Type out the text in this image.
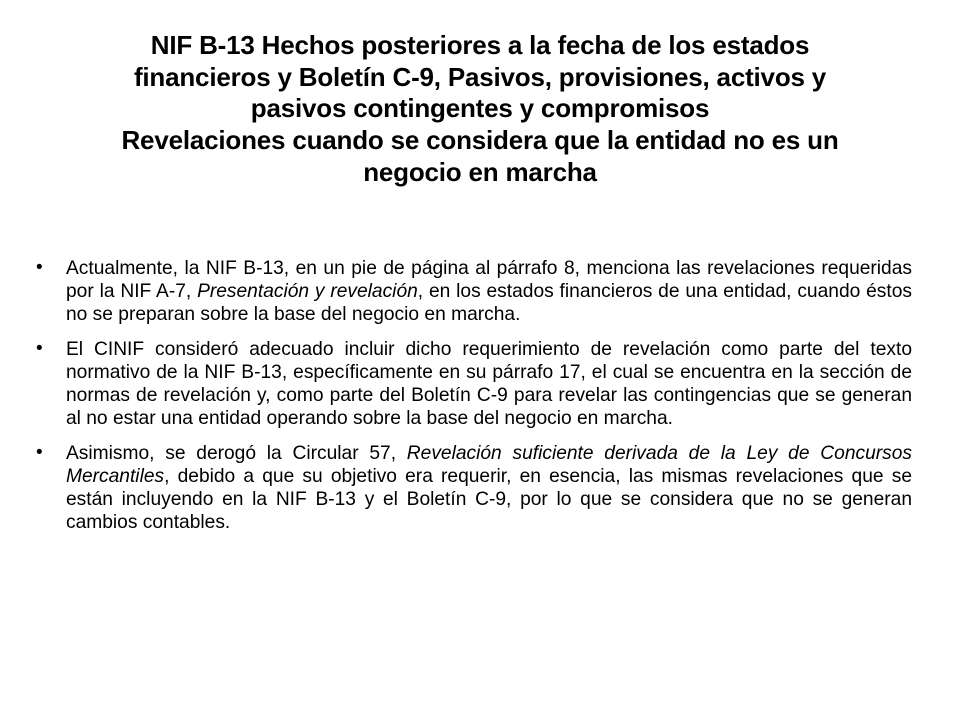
NIF B-13 Hechos posteriores a la fecha de los estados
financieros y Boletín C-9, Pasivos, provisiones, activos y
pasivos contingentes y compromisos
Revelaciones cuando se considera que la entidad no es un
negocio en marcha
• Actualmente, la NIF B-13, en un pie de página al párrafo 8, menciona las revelaciones requeridas por la NIF A-7, Presentación y revelación, en los estados financieros de una entidad, cuando éstos no se preparan sobre la base del negocio en marcha.
• El CINIF consideró adecuado incluir dicho requerimiento de revelación como parte del texto normativo de la NIF B-13, específicamente en su párrafo 17, el cual se encuentra en la sección de normas de revelación y, como parte del Boletín C-9 para revelar las contingencias que se generan al no estar una entidad operando sobre la base del negocio en marcha.
• Asimismo, se derogó la Circular 57, Revelación suficiente derivada de la Ley de Concursos Mercantiles, debido a que su objetivo era requerir, en esencia, las mismas revelaciones que se están incluyendo en la NIF B-13 y el Boletín C-9, por lo que se considera que no se generan cambios contables.
